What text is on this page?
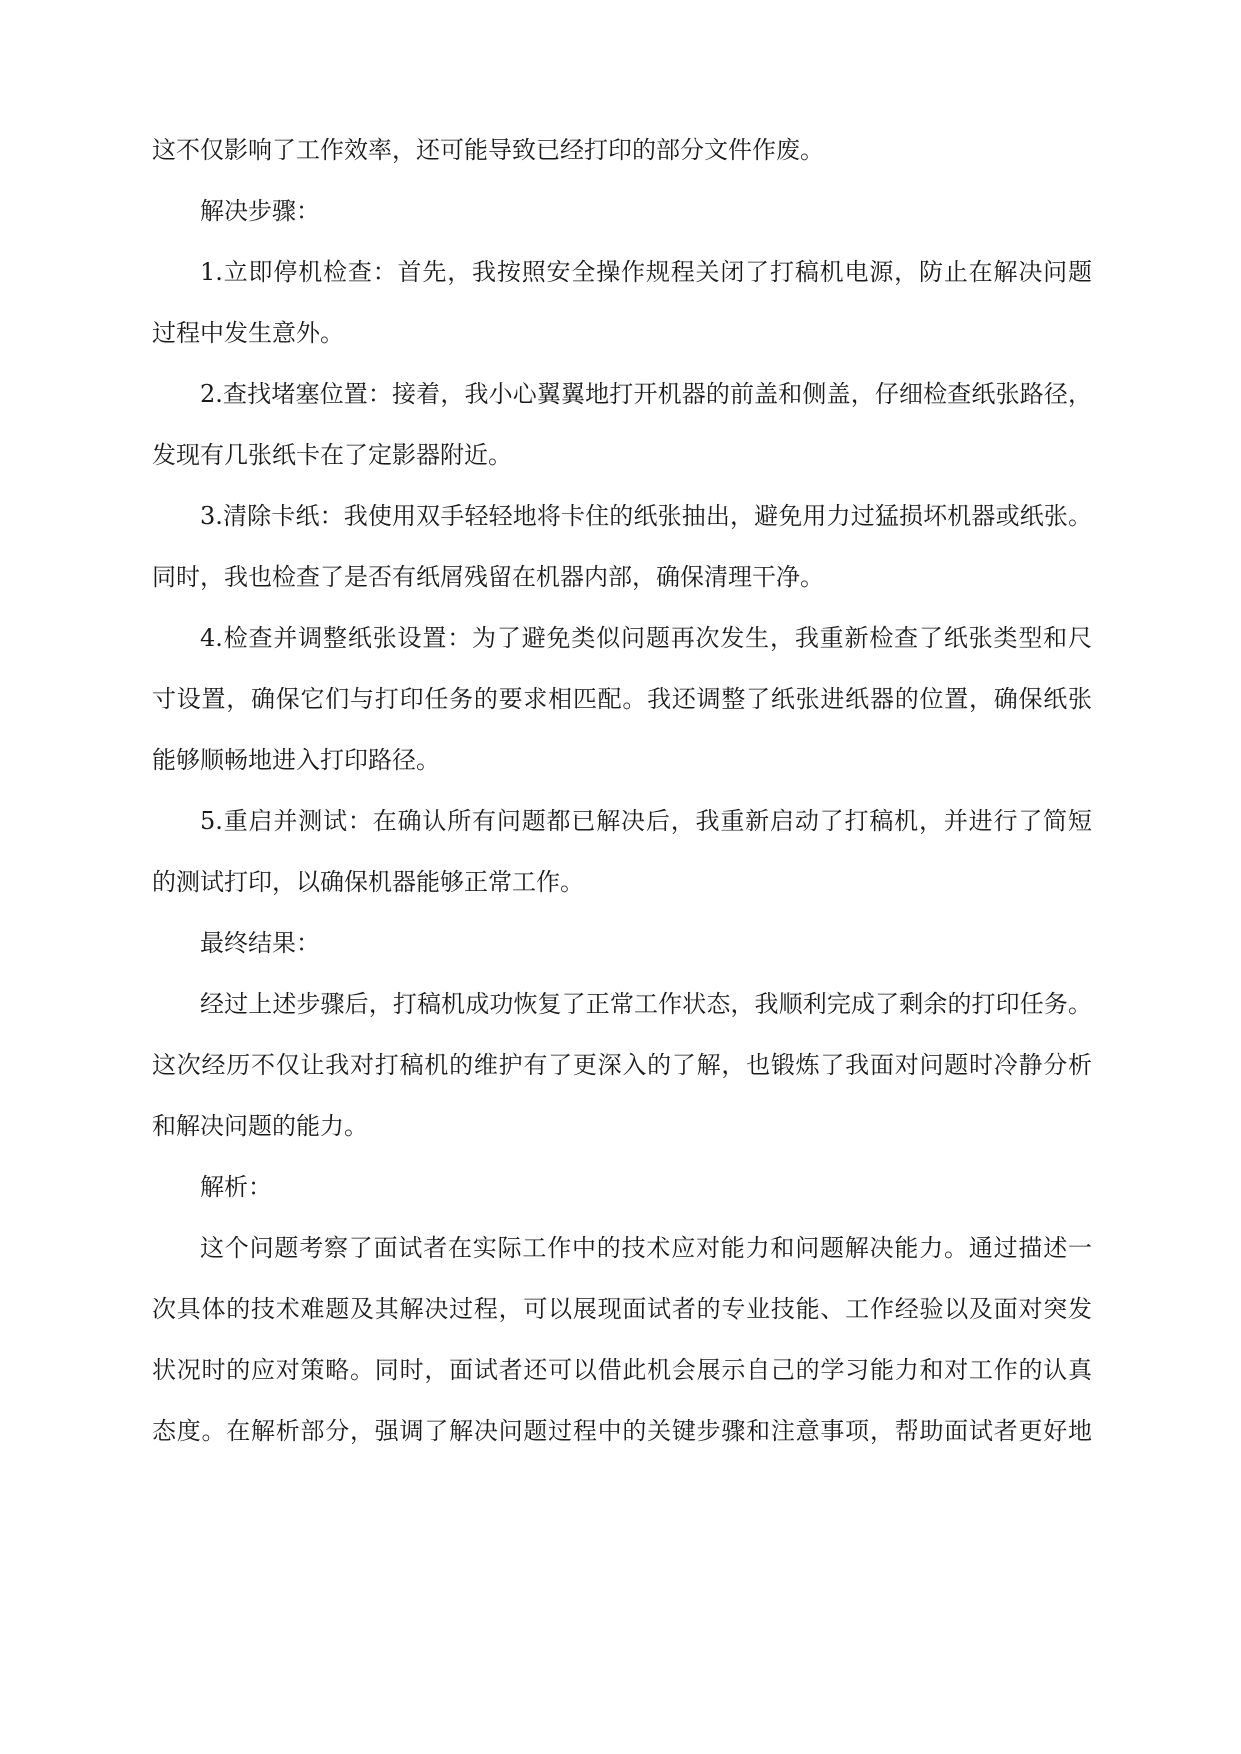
这不仅影响了工作效率，还可能导致已经打印的部分文件作废。
解决步骤：
1.立即停机检查：首先，我按照安全操作规程关闭了打稿机电源，防止在解决问题
过程中发生意外。
2.查找堵塞位置：接着，我小心翼翼地打开机器的前盖和侧盖，仔细检查纸张路径，
发现有几张纸卡在了定影器附近。
3.清除卡纸：我使用双手轻轻地将卡住的纸张抽出，避免用力过猛损坏机器或纸张。
同时，我也检查了是否有纸屑残留在机器内部，确保清理干净。
4.检查并调整纸张设置：为了避免类似问题再次发生，我重新检查了纸张类型和尺
寸设置，确保它们与打印任务的要求相匹配。我还调整了纸张进纸器的位置，确保纸张
能够顺畅地进入打印路径。
5.重启并测试：在确认所有问题都已解决后，我重新启动了打稿机，并进行了简短
的测试打印，以确保机器能够正常工作。
最终结果：
经过上述步骤后，打稿机成功恢复了正常工作状态，我顺利完成了剩余的打印任务。
这次经历不仅让我对打稿机的维护有了更深入的了解，也锻炼了我面对问题时冷静分析
和解决问题的能力。
解析：
这个问题考察了面试者在实际工作中的技术应对能力和问题解决能力。通过描述一
次具体的技术难题及其解决过程，可以展现面试者的专业技能、工作经验以及面对突发
状况时的应对策略。同时，面试者还可以借此机会展示自己的学习能力和对工作的认真
态度。在解析部分，强调了解决问题过程中的关键步骤和注意事项，帮助面试者更好地
